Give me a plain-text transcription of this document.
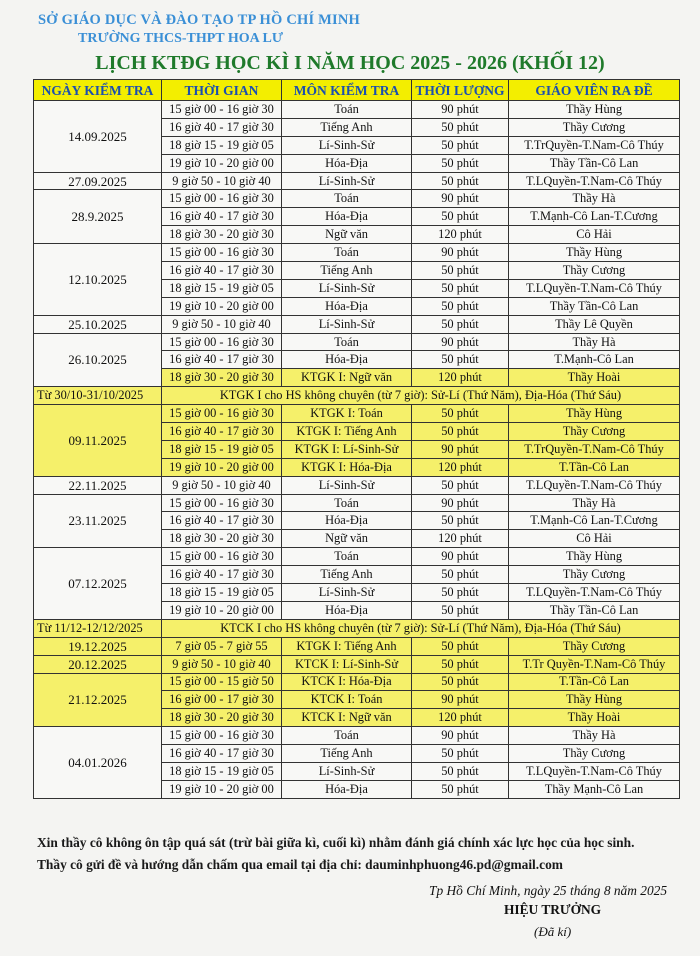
SỞ GIÁO DỤC VÀ ĐÀO TẠO TP HỒ CHÍ MINH
TRƯỜNG THCS-THPT HOA LƯ
LỊCH KTĐG HỌC KÌ I NĂM HỌC 2025 - 2026 (KHỐI 12)
NGÀY KIỂM TRA	THỜI GIAN	MÔN KIỂM TRA	THỜI LƯỢNG	GIÁO VIÊN RA ĐỀ
14.09.2025	15 giờ 00 - 16 giờ 30	Toán	90 phút	Thầy Hùng
	16 giờ 40 - 17 giờ 30	Tiếng Anh	50 phút	Thầy Cương
	18 giờ 15 - 19 giờ 05	Lí-Sinh-Sử	50 phút	T.TrQuyền-T.Nam-Cô Thúy
	19 giờ 10 - 20 giờ 00	Hóa-Địa	50 phút	Thầy Tần-Cô Lan
27.09.2025	9 giờ 50 - 10 giờ 40	Lí-Sinh-Sử	50 phút	T.LQuyền-T.Nam-Cô Thúy
28.9.2025	15 giờ 00 - 16 giờ 30	Toán	90 phút	Thầy Hà
	16 giờ 40 - 17 giờ 30	Hóa-Địa	50 phút	T.Mạnh-Cô Lan-T.Cương
	18 giờ 30 - 20 giờ 30	Ngữ văn	120 phút	Cô Hải
12.10.2025	15 giờ 00 - 16 giờ 30	Toán	90 phút	Thầy Hùng
	16 giờ 40 - 17 giờ 30	Tiếng Anh	50 phút	Thầy Cương
	18 giờ 15 - 19 giờ 05	Lí-Sinh-Sử	50 phút	T.LQuyền-T.Nam-Cô Thúy
	19 giờ 10 - 20 giờ 00	Hóa-Địa	50 phút	Thầy Tần-Cô Lan
25.10.2025	9 giờ 50 - 10 giờ 40	Lí-Sinh-Sử	50 phút	Thầy Lê Quyền
26.10.2025	15 giờ 00 - 16 giờ 30	Toán	90 phút	Thầy Hà
	16 giờ 40 - 17 giờ 30	Hóa-Địa	50 phút	T.Mạnh-Cô Lan
	18 giờ 30 - 20 giờ 30	KTGK I: Ngữ văn	120 phút	Thầy Hoài
Từ 30/10-31/10/2025	KTGK I cho HS không chuyên (từ 7 giờ): Sử-Lí (Thứ Năm), Địa-Hóa (Thứ Sáu)			
09.11.2025	15 giờ 00 - 16 giờ 30	KTGK I: Toán	50 phút	Thầy Hùng
	16 giờ 40 - 17 giờ 30	KTGK I: Tiếng Anh	50 phút	Thầy Cương
	18 giờ 15 - 19 giờ 05	KTGK I: Lí-Sinh-Sử	90 phút	T.TrQuyền-T.Nam-Cô Thúy
	19 giờ 10 - 20 giờ 00	KTGK I: Hóa-Địa	120 phút	T.Tần-Cô Lan
22.11.2025	9 giờ 50 - 10 giờ 40	Lí-Sinh-Sử	50 phút	T.LQuyền-T.Nam-Cô Thúy
23.11.2025	15 giờ 00 - 16 giờ 30	Toán	90 phút	Thầy Hà
	16 giờ 40 - 17 giờ 30	Hóa-Địa	50 phút	T.Mạnh-Cô Lan-T.Cương
	18 giờ 30 - 20 giờ 30	Ngữ văn	120 phút	Cô Hải
07.12.2025	15 giờ 00 - 16 giờ 30	Toán	90 phút	Thầy Hùng
	16 giờ 40 - 17 giờ 30	Tiếng Anh	50 phút	Thầy Cương
	18 giờ 15 - 19 giờ 05	Lí-Sinh-Sử	50 phút	T.LQuyền-T.Nam-Cô Thúy
	19 giờ 10 - 20 giờ 00	Hóa-Địa	50 phút	Thầy Tần-Cô Lan
Từ 11/12-12/12/2025	KTCK I cho HS không chuyên (từ 7 giờ): Sử-Lí (Thứ Năm), Địa-Hóa (Thứ Sáu)			
19.12.2025	7 giờ 05 - 7 giờ 55	KTGK I: Tiếng Anh	50 phút	Thầy Cương
20.12.2025	9 giờ 50 - 10 giờ 40	KTCK I: Lí-Sinh-Sử	50 phút	T.Tr Quyền-T.Nam-Cô Thúy
21.12.2025	15 giờ 00 - 15 giờ 50	KTCK I: Hóa-Địa	50 phút	T.Tần-Cô Lan
	16 giờ 00 - 17 giờ 30	KTCK I: Toán	90 phút	Thầy Hùng
	18 giờ 30 - 20 giờ 30	KTCK I: Ngữ văn	120 phút	Thầy Hoài
04.01.2026	15 giờ 00 - 16 giờ 30	Toán	90 phút	Thầy Hà
	16 giờ 40 - 17 giờ 30	Tiếng Anh	50 phút	Thầy Cương
	18 giờ 15 - 19 giờ 05	Lí-Sinh-Sử	50 phút	T.LQuyền-T.Nam-Cô Thúy
	19 giờ 10 - 20 giờ 00	Hóa-Địa	50 phút	Thầy Mạnh-Cô Lan
Xin thầy cô không ôn tập quá sát (trừ bài giữa kì, cuối kì) nhằm đánh giá chính xác lực học của học sinh.
Thầy cô gửi đề và hướng dẫn chấm qua email tại địa chỉ: dauminhphuong46.pd@gmail.com
Tp Hồ Chí Minh, ngày 25 tháng 8 năm 2025
HIỆU TRƯỞNG
(Đã kí)
